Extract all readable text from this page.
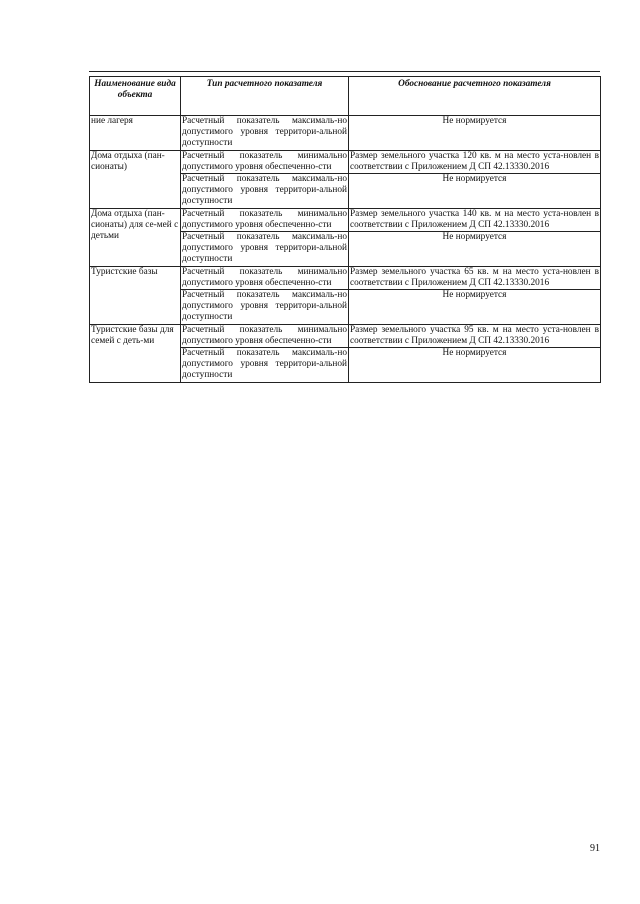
Наименование вида объекта	Тип расчетного показателя	Обоснование расчетного показателя
ние лагеря	Расчетный показатель максималь-но допустимого уровня территори-альной доступности	Не нормируется
Дома отдыха (пан-сионаты)	Расчетный показатель минимально допустимого уровня обеспеченно-сти	Размер земельного участка 120 кв. м на место уста-новлен в соответствии с Приложением Д СП 42.13330.2016
	Расчетный показатель максималь-но допустимого уровня территори-альной доступности	Не нормируется
Дома отдыха (пан-сионаты) для се-мей с детьми	Расчетный показатель минимально допустимого уровня обеспеченно-сти	Размер земельного участка 140 кв. м на место уста-новлен в соответствии с Приложением Д СП 42.13330.2016
	Расчетный показатель максималь-но допустимого уровня территори-альной доступности	Не нормируется
Туристские базы	Расчетный показатель минимально допустимого уровня обеспеченно-сти	Размер земельного участка 65 кв. м на место уста-новлен в соответствии с Приложением Д СП 42.13330.2016
	Расчетный показатель максималь-но допустимого уровня территори-альной доступности	Не нормируется
Туристские базы для семей с деть-ми	Расчетный показатель минимально допустимого уровня обеспеченно-сти	Размер земельного участка 95 кв. м на место уста-новлен в соответствии с Приложением Д СП 42.13330.2016
	Расчетный показатель максималь-но допустимого уровня территори-альной доступности	Не нормируется
91
